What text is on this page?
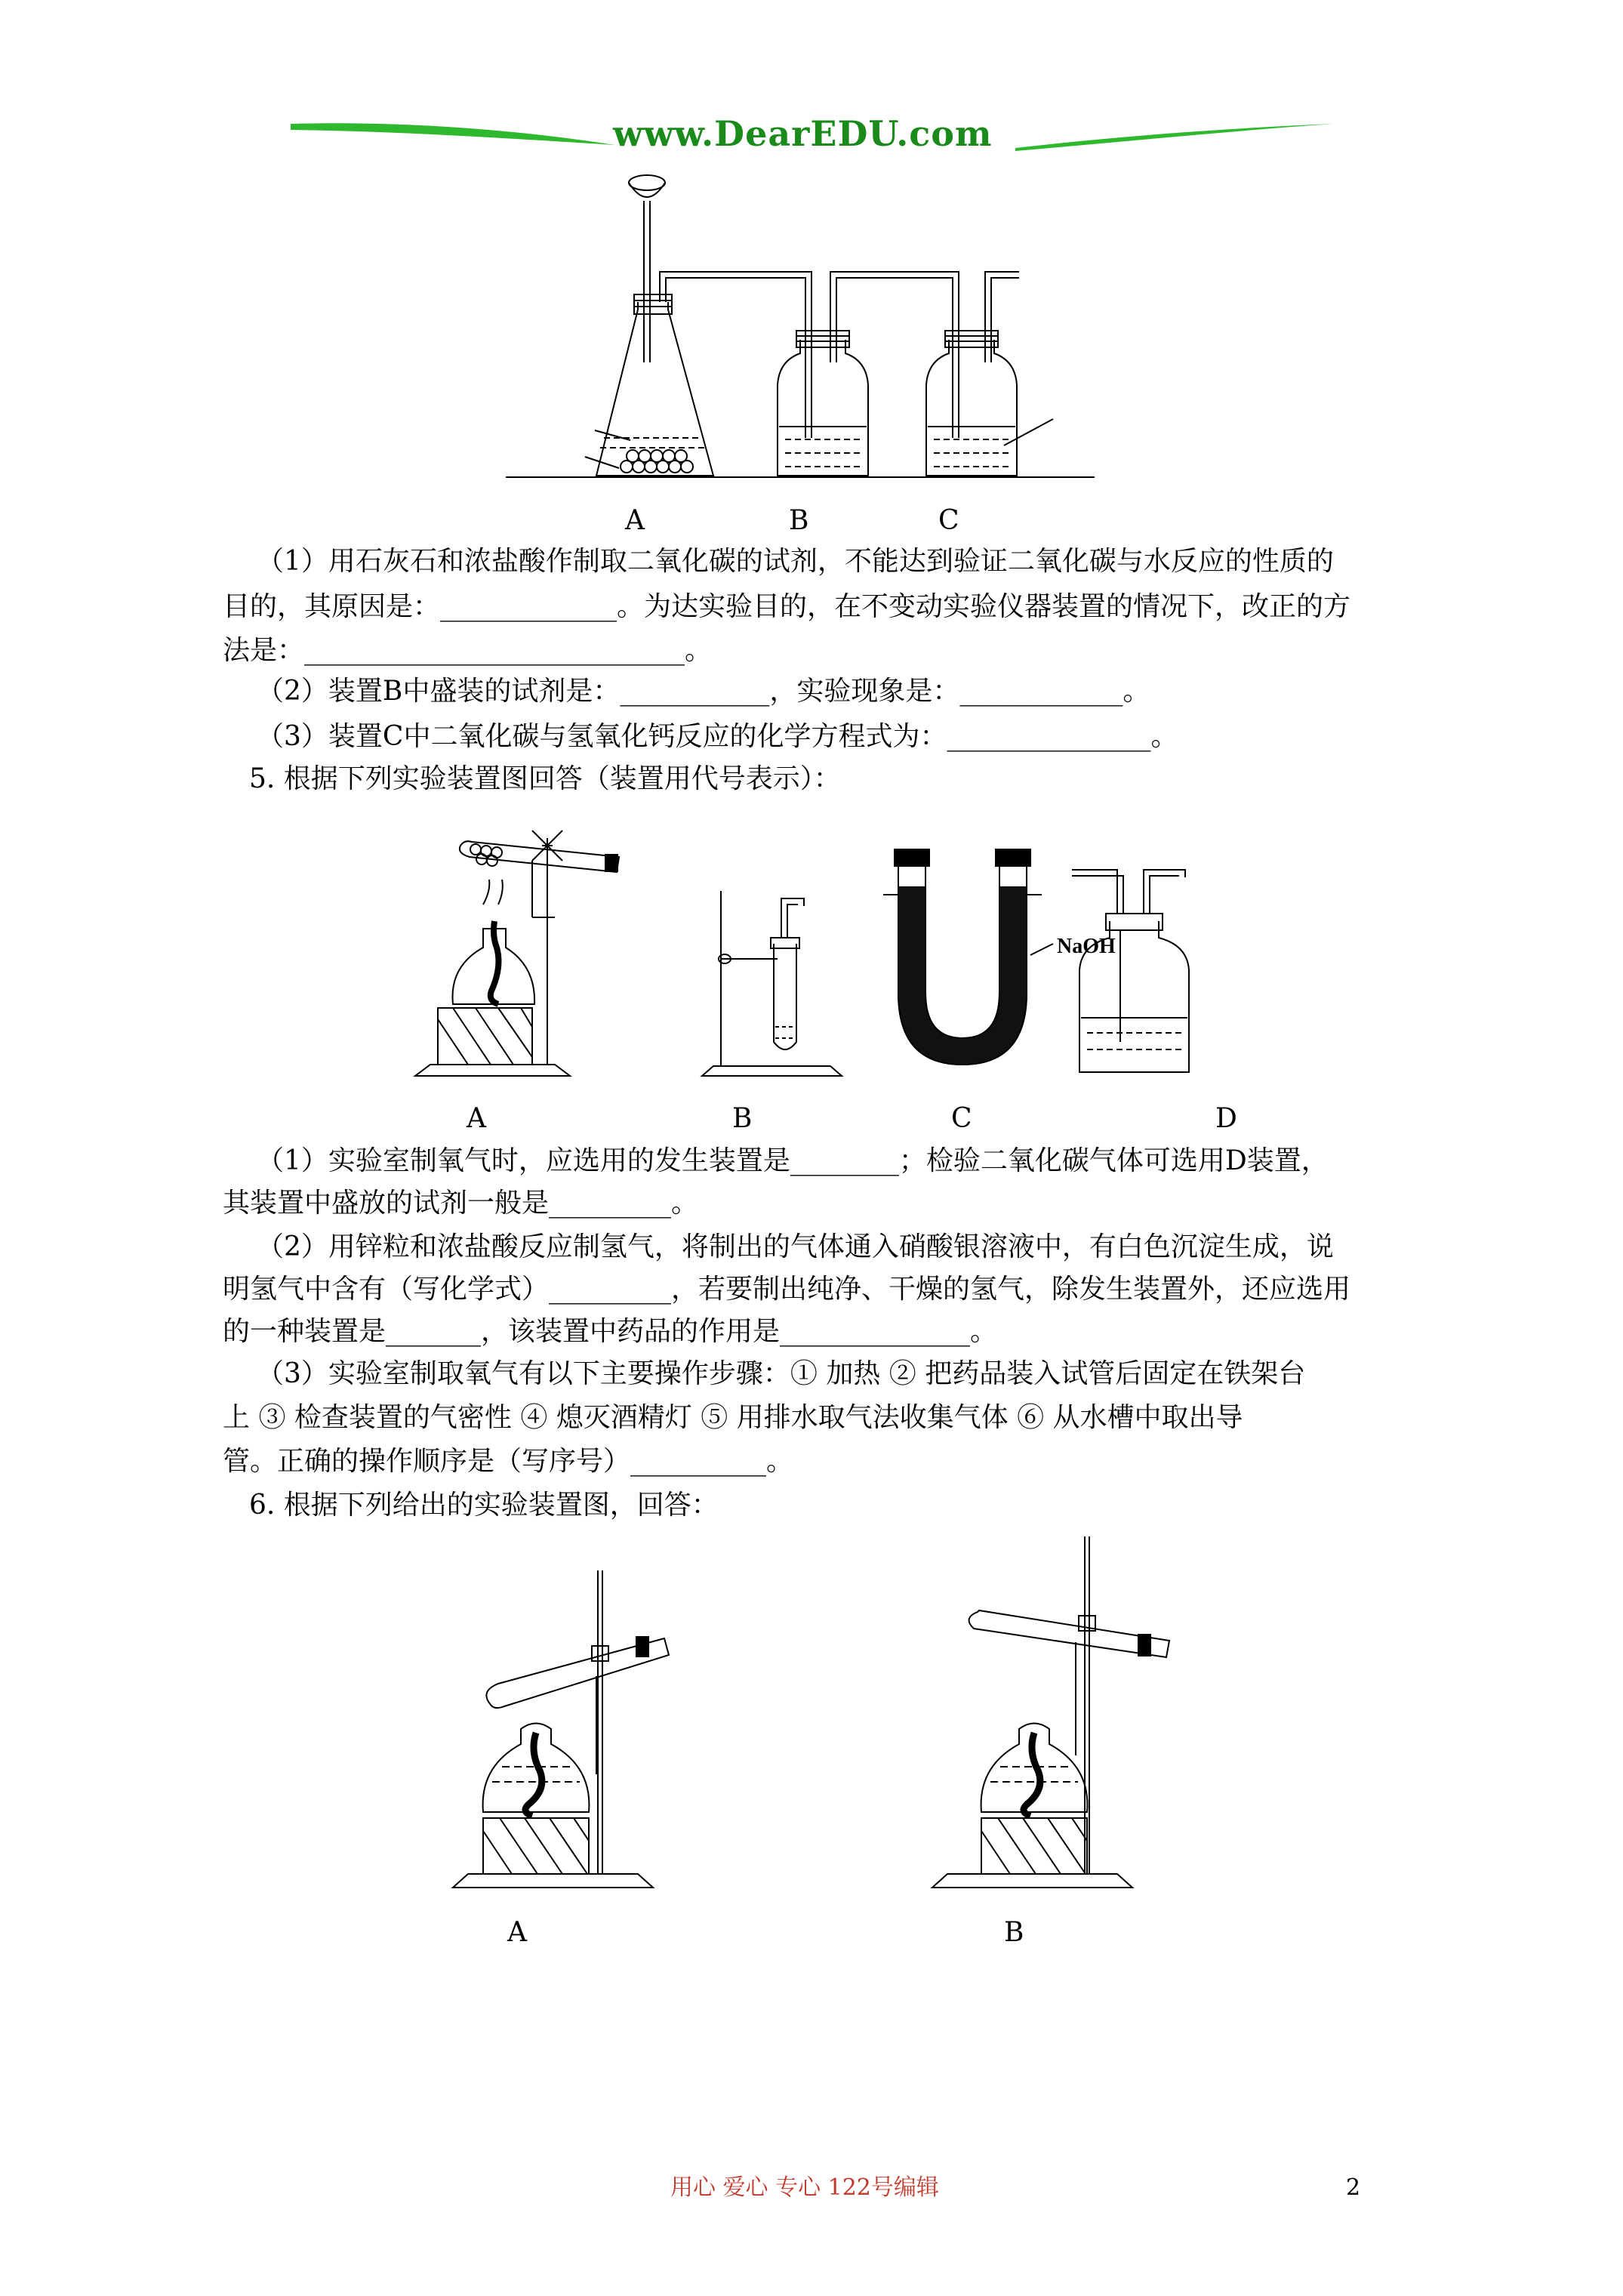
www.DearEDU.com
A	B	C
（1）用石灰石和浓盐酸作制取二氧化碳的试剂，不能达到验证二氧化碳与水反应的性质的
目的，其原因是：_____________。为达实验目的，在不变动实验仪器装置的情况下，改正的方
法是：____________________________。
（2）装置B中盛装的试剂是：___________，实验现象是：____________。
（3）装置C中二氧化碳与氢氧化钙反应的化学方程式为：_______________。
5. 根据下列实验装置图回答（装置用代号表示）：
NaOH
A	B	C	D
（1）实验室制氧气时，应选用的发生装置是________；检验二氧化碳气体可选用D装置，
其装置中盛放的试剂一般是_________。
（2）用锌粒和浓盐酸反应制氢气，将制出的气体通入硝酸银溶液中，有白色沉淀生成，说
明氢气中含有（写化学式）_________，若要制出纯净、干燥的氢气，除发生装置外，还应选用
的一种装置是_______，该装置中药品的作用是______________。
（3）实验室制取氧气有以下主要操作步骤：① 加热 ② 把药品装入试管后固定在铁架台
上 ③ 检查装置的气密性 ④ 熄灭酒精灯 ⑤ 用排水取气法收集气体 ⑥ 从水槽中取出导
管。正确的操作顺序是（写序号）__________。
6. 根据下列给出的实验装置图，回答：
A	B
用心 爱心 专心 122号编辑	2
